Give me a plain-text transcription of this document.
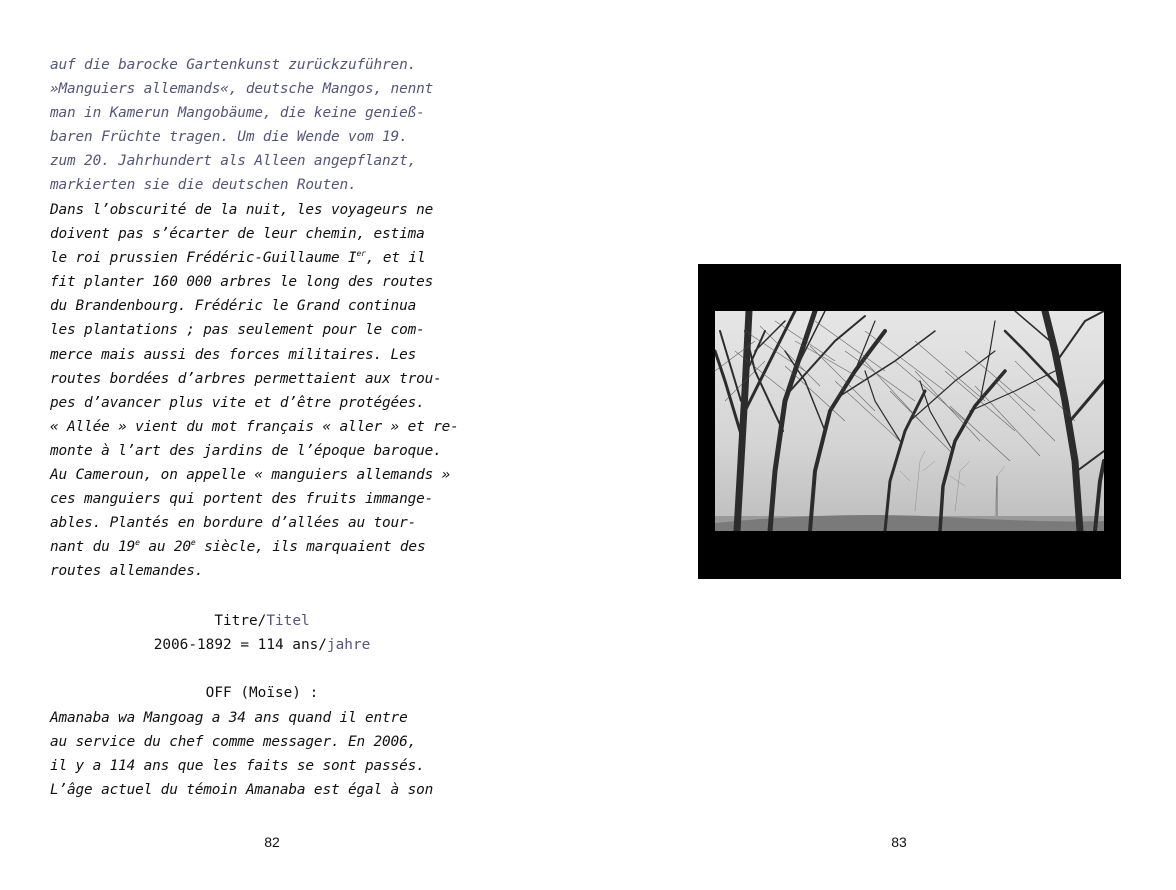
auf die barocke Gartenkunst zurückzuführen.
»Manguiers allemands«, deutsche Mangos, nennt
man in Kamerun Mangobäume, die keine genieß-
baren Früchte tragen. Um die Wende vom 19.
zum 20. Jahrhundert als Alleen angepflanzt,
markierten sie die deutschen Routen.
Dans l’obscurité de la nuit, les voyageurs ne
doivent pas s’écarter de leur chemin, estima
le roi prussien Frédéric-Guillaume Ier, et il
fit planter 160 000 arbres le long des routes
du Brandenbourg. Frédéric le Grand continua
les plantations ; pas seulement pour le com-
merce mais aussi des forces militaires. Les
routes bordées d’arbres permettaient aux trou-
pes d’avancer plus vite et d’être protégées.
« Allée » vient du mot français « aller » et re-
monte à l’art des jardins de l’époque baroque.
Au Cameroun, on appelle « manguiers allemands »
ces manguiers qui portent des fruits immange-
ables. Plantés en bordure d’allées au tour-
nant du 19e au 20e siècle, ils marquaient des
routes allemandes.
Titre/Titel
2006-1892 = 114 ans/jahre
OFF (Moïse) :
Amanaba wa Mangoag a 34 ans quand il entre
au service du chef comme messager. En 2006,
il y a 114 ans que les faits se sont passés.
L’âge actuel du témoin Amanaba est égal à son
82	83
